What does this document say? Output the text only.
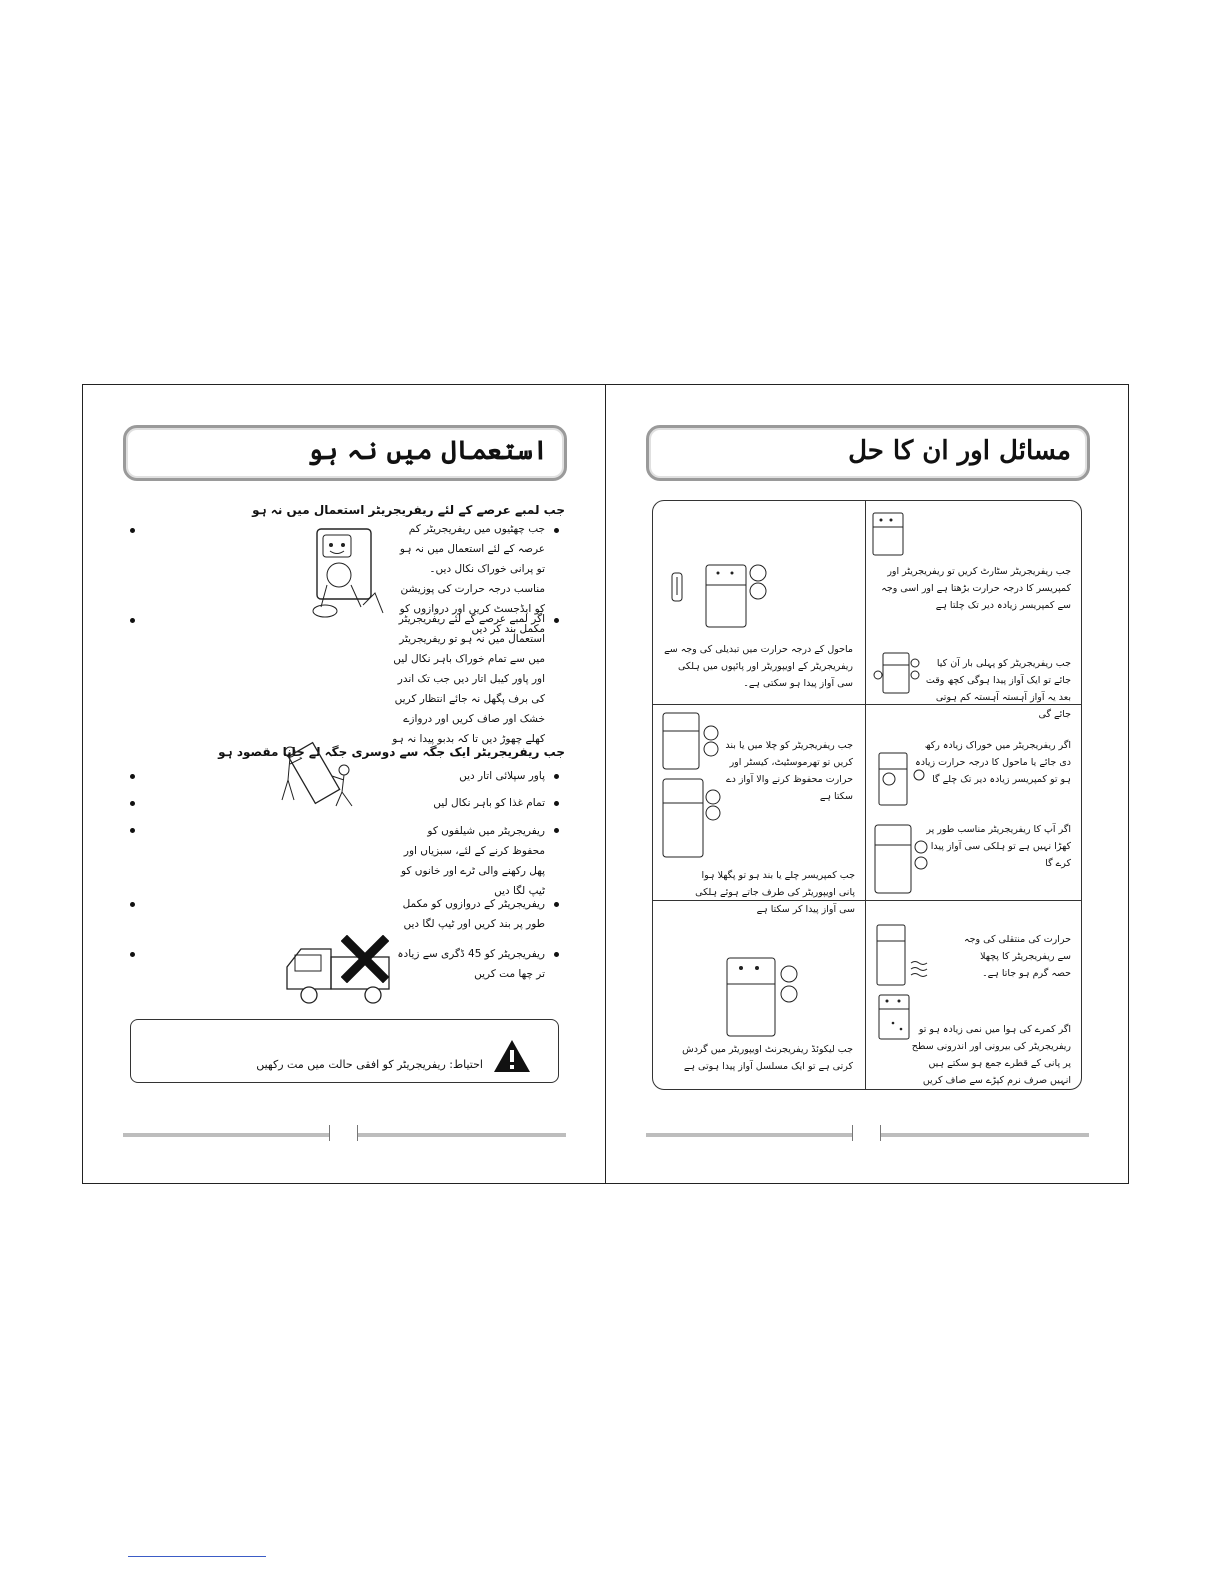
استعمال میں نہ ہو
جب لمبے عرصے کے لئے ریفریجریٹر استعمال میں نہ ہو
جب چھٹیوں میں ریفریجریٹر کم عرصہ کے لئے استعمال میں نہ ہو تو پرانی خوراک نکال دیں۔ مناسب درجہ حرارت کی پوزیشن کو ایڈجسٹ کریں اور دروازوں کو مکمل بند کر دیں
اگر لمبے عرصے کے لئے ریفریجریٹر استعمال میں نہ ہو تو ریفریجریٹر میں سے تمام خوراک باہر نکال لیں اور پاور کیبل اتار دیں جب تک اندر کی برف پگھل نہ جائے انتظار کریں خشک اور صاف کریں اور دروازے کھلے چھوڑ دیں تا کہ بدبو پیدا نہ ہو
جب ریفریجریٹر ایک جگہ سے دوسری جگہ لے جانا مقصود ہو
پاور سپلائی اتار دیں
تمام غذا کو باہر نکال لیں
ریفریجریٹر میں شیلفوں کو محفوظ کرنے کے لئے، سبزیاں اور پھل رکھنے والی ٹرے اور خانوں کو ٹیپ لگا دیں
ریفریجریٹر کے دروازوں کو مکمل طور پر بند کریں اور ٹیپ لگا دیں
ریفریجریٹر کو 45 ڈگری سے زیادہ تر چھا مت کریں
احتیاط: ریفریجریٹر کو افقی حالت میں مت رکھیں
مسائل اور ان کا حل
جب ریفریجریٹر سٹارٹ کریں تو ریفریجریٹر اور کمپریسر کا درجہ حرارت بڑھتا ہے اور اسی وجہ سے کمپریسر زیادہ دیر تک چلتا ہے
جب ریفریجریٹر کو پہلی بار آن کیا جائے تو ایک آواز پیدا ہوگی کچھ وقت بعد یہ آواز آہستہ آہستہ کم ہوتی جائے گی
ماحول کے درجہ حرارت میں تبدیلی کی وجہ سے ریفریجریٹر کے اویپوریٹر اور پائپوں میں ہلکی سی آواز پیدا ہو سکتی ہے۔
اگر ریفریجریٹر میں خوراک زیادہ رکھ دی جائے یا ماحول کا درجہ حرارت زیادہ ہو تو کمپریسر زیادہ دیر تک چلے گا
اگر آپ کا ریفریجریٹر مناسب طور پر کھڑا نہیں ہے تو ہلکی سی آواز پیدا کرے گا
جب ریفریجریٹر کو چلا میں یا بند کریں تو تھرموسٹیٹ، کیسٹر اور حرارت محفوظ کرنے والا آواز دے سکتا ہے
جب کمپریسر چلے یا بند ہو تو پگھلا ہوا پانی اویپوریٹر کی طرف جاتے ہوئے ہلکی سی آواز پیدا کر سکتا ہے
حرارت کی منتقلی کی وجہ سے ریفریجریٹر کا پچھلا حصہ گرم ہو جاتا ہے۔
اگر کمرے کی ہوا میں نمی زیادہ ہو تو ریفریجریٹر کی بیرونی اور اندرونی سطح پر پانی کے قطرے جمع ہو سکتے ہیں انہیں صرف نرم کپڑے سے صاف کریں
جب لیکوئڈ ریفریجرنٹ اویپوریٹر میں گردش کرتی ہے تو ایک مسلسل آواز پیدا ہوتی ہے
